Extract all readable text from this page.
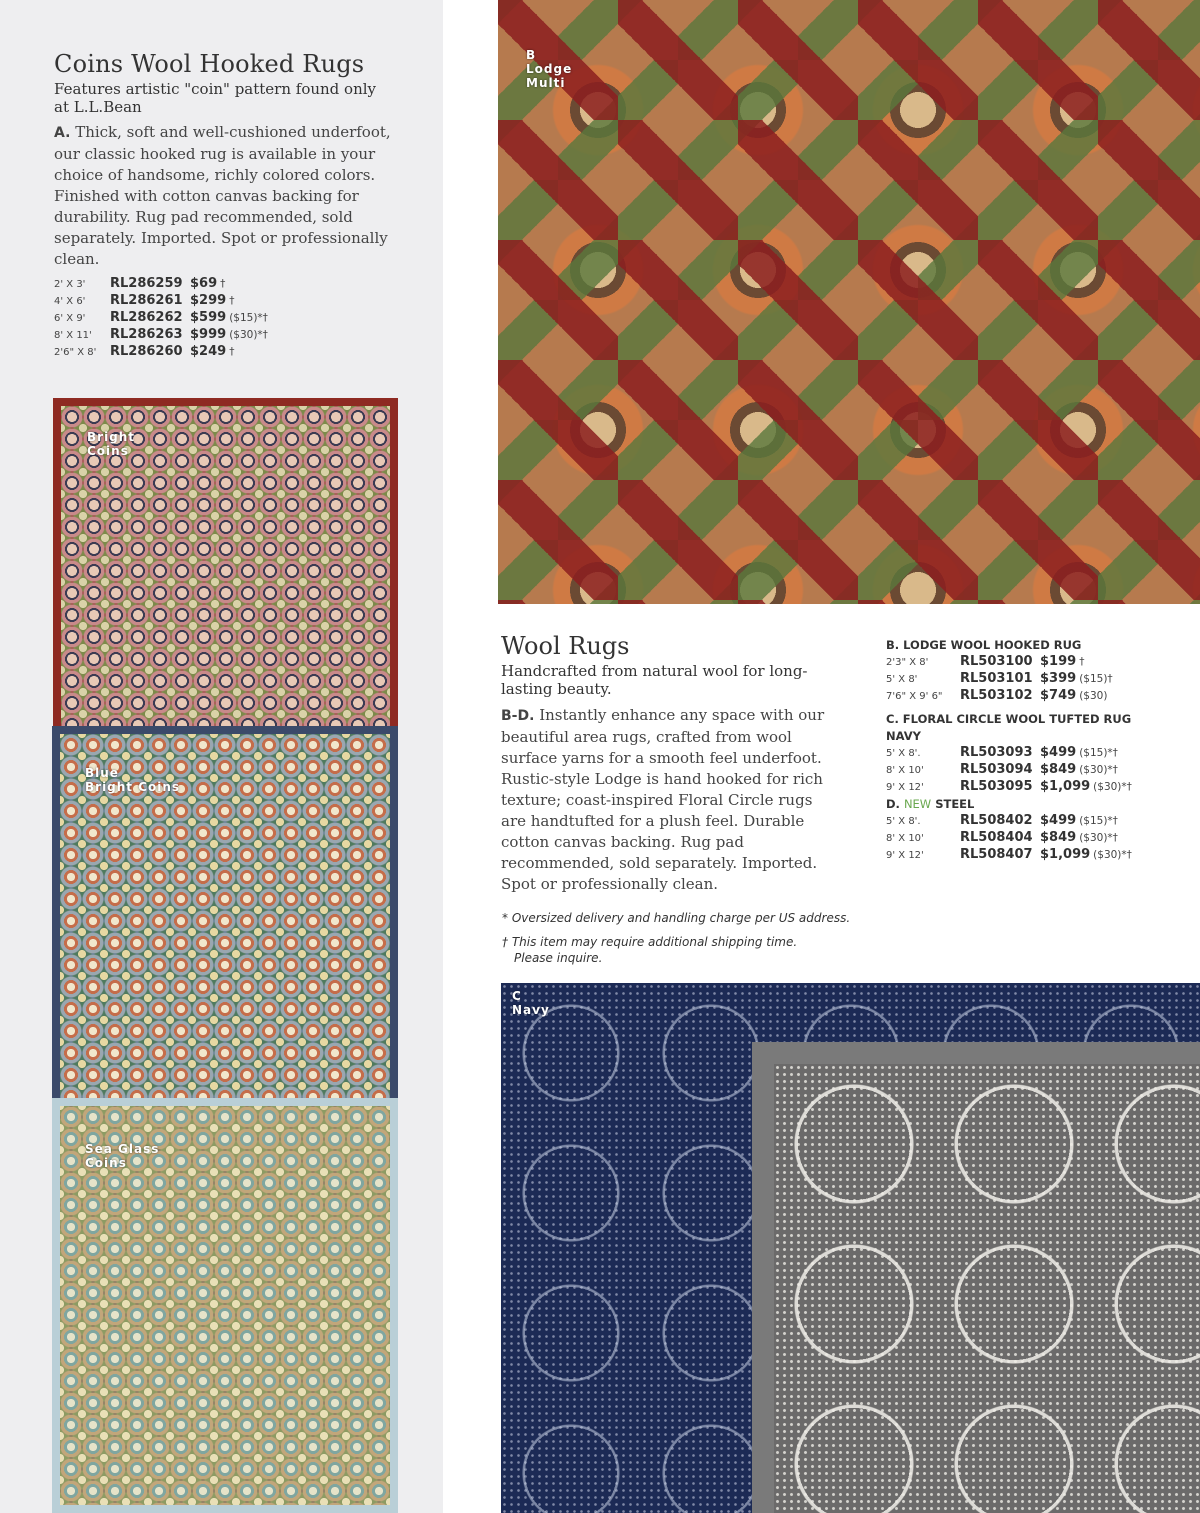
Coins Wool Hooked Rugs

Features artistic "coin" pattern found only at L.L.Bean

A. Thick, soft and well-cushioned underfoot, our classic hooked rug is available in your choice of handsome, richly colored colors. Finished with cotton canvas backing for durability. Rug pad recommended, sold separately. Imported. Spot or professionally clean.

2' X 3'	RL286259 $69 †
4' X 6'	RL286261 $299 †
6' X 9'	RL286262 $599 ($15)*†
8' X 11'	RL286263 $999 ($30)*†
2'6" X 8'	RL286260 $249 †
Bright
Coins
Blue
Bright Coins
Sea Glass
Coins
B
Lodge
Multi
Wool Rugs

Handcrafted from natural wool for long-lasting beauty.

B-D. Instantly enhance any space with our beautiful area rugs, crafted from wool surface yarns for a smooth feel underfoot. Rustic-style Lodge is hand hooked for rich texture; coast-inspired Floral Circle rugs are handtufted for a plush feel. Durable cotton canvas backing. Rug pad recommended, sold separately. Imported. Spot or professionally clean.

B. LODGE WOOL HOOKED RUG
2'3" X 8'	RL503100 $199 †
5' X 8'	RL503101 $399 ($15)†
7'6" X 9' 6"	RL503102 $749 ($30)
C. FLORAL CIRCLE WOOL TUFTED RUG
NAVY
5' X 8'.	RL503093 $499 ($15)*†
8' X 10'	RL503094 $849 ($30)*†
9' X 12'	RL503095 $1,099 ($30)*†
D. NEW STEEL
5' X 8'.	RL508402 $499 ($15)*†
8' X 10'	RL508404 $849 ($30)*†
9' X 12'	RL508407 $1,099 ($30)*†
* Oversized delivery and handling charge per US address.
† This item may require additional shipping time.
Please inquire.
C
Navy
D Steel
